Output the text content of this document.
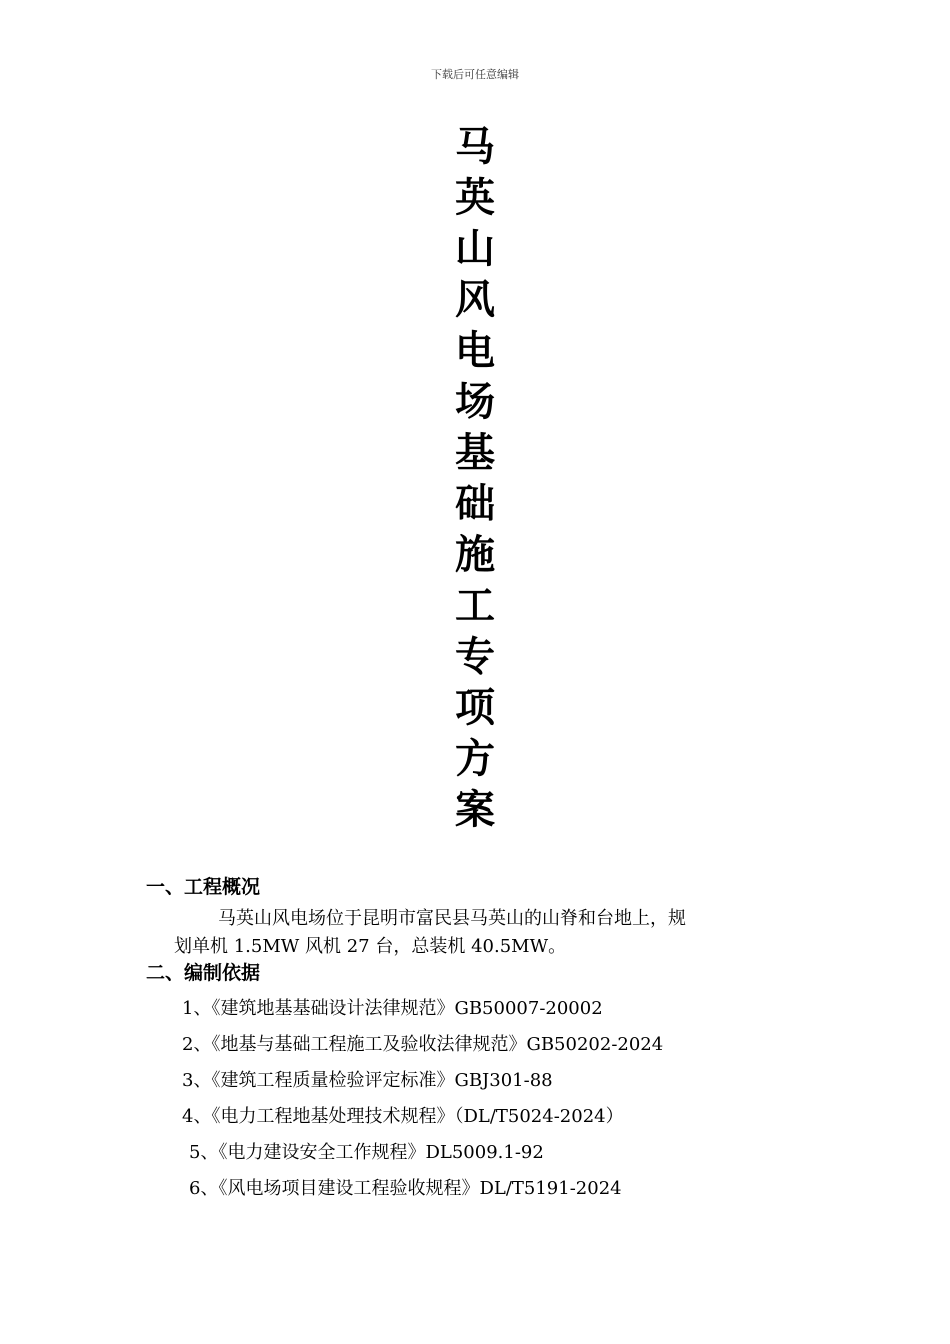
下载后可任意编辑
马
英
山
风
电
场
基
础
施
工
专
项
方
案
一、工程概况
马英山风电场位于昆明市富民县马英山的山脊和台地上，规
划单机 1.5MW 风机 27 台，总装机 40.5MW。
二、编制依据
1、《建筑地基基础设计法律规范》GB50007-20002
2、《地基与基础工程施工及验收法律规范》GB50202-2024
3、《建筑工程质量检验评定标准》GBJ301-88
4、《电力工程地基处理技术规程》（DL/T5024-2024）
5、《电力建设安全工作规程》DL5009.1-92
6、《风电场项目建设工程验收规程》DL/T5191-2024
